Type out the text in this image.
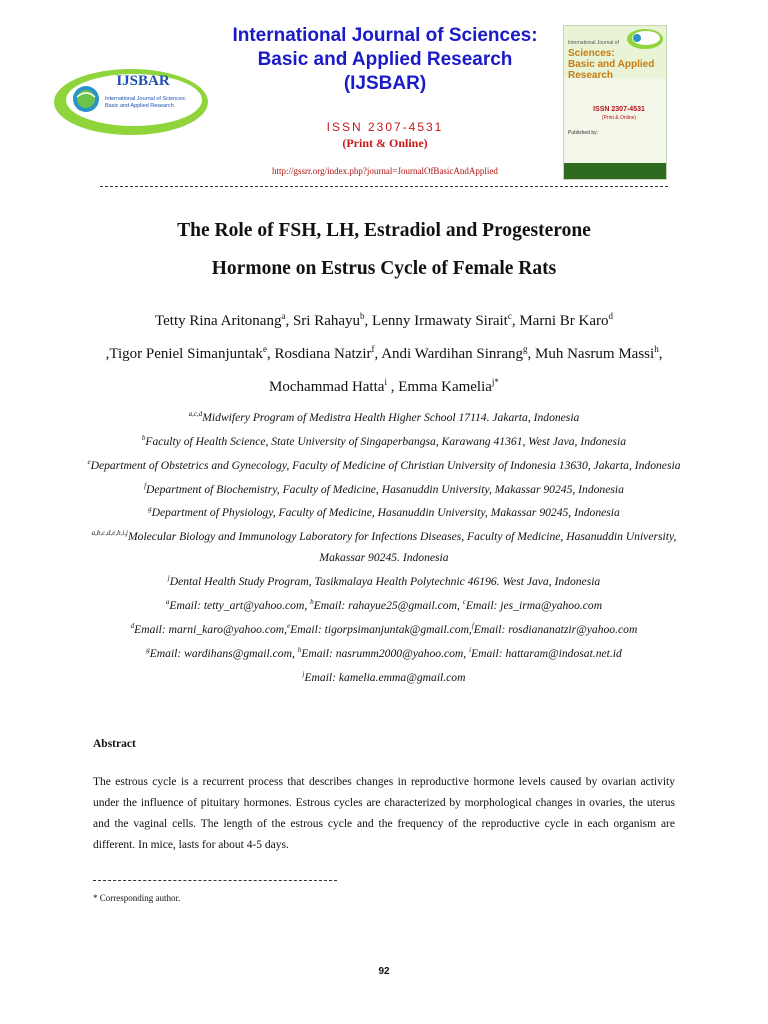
International Journal of Sciences:
Basic and Applied Research
(IJSBAR)
ISSN 2307-4531
(Print & Online)
http://gssrr.org/index.php?journal=JournalOfBasicAndApplied
IJSBAR
International Journal of Sciences:
Basic and Applied Research
International Journal of
Sciences:
Basic and Applied
Research
ISSN 2307-4531
(Print & Online)
Published by:
The Role of FSH, LH, Estradiol and Progesterone
Hormone on Estrus Cycle of Female Rats
Tetty Rina Aritonang$^a$, Sri Rahayu$^b$, Lenny Irmawaty Sirait$^c$, Marni Br Karo$^d$
,Tigor Peniel Simanjuntak$^e$, Rosdiana Natzir$^f$, Andi Wardihan Sinrang$^g$, Muh Nasrum Massi$^h$, Mochammad Hatta$^i$ , Emma Kamelia$^{j*}$
$^{a,c,d}$Midwifery Program of Medistra Health Higher School 17114. Jakarta, Indonesia
$^b$Faculty of Health Science, State University of Singaperbangsa, Karawang 41361, West Java, Indonesia
$^e$Department of Obstetrics and Gynecology, Faculty of Medicine of Christian University of Indonesia 13630, Jakarta, Indonesia
$^f$Department of Biochemistry, Faculty of Medicine, Hasanuddin University, Makassar 90245, Indonesia
$^g$Department of Physiology, Faculty of Medicine, Hasanuddin University, Makassar 90245, Indonesia
$^{a,b,c,d,e,h,i,j}$Molecular Biology and Immunology Laboratory for Infections Diseases, Faculty of Medicine, Hasanuddin University, Makassar 90245. Indonesia
$^j$Dental Health Study Program, Tasikmalaya Health Polytechnic 46196. West Java, Indonesia
$^a$Email: tetty_art@yahoo.com, $^b$Email: rahayue25@gmail.com, $^c$Email: jes_irma@yahoo.com
$^d$Email: marni_karo@yahoo.com,$^e$Email: tigorpsimanjuntak@gmail.com,$^f$Email: rosdiananatzir@yahoo.com
$^g$Email: wardihans@gmail.com, $^h$Email: nasrumm2000@yahoo.com, $^i$Email: hattaram@indosat.net.id
$^j$Email: kamelia.emma@gmail.com
Abstract
The estrous cycle is a recurrent process that describes changes in reproductive hormone levels caused by ovarian activity under the influence of pituitary hormones. Estrous cycles are characterized by morphological changes in ovaries, the uterus and the vaginal cells. The length of the estrous cycle and the frequency of the reproductive cycle in each organism are different. In mice, lasts for about 4-5 days.
* Corresponding author.
92
